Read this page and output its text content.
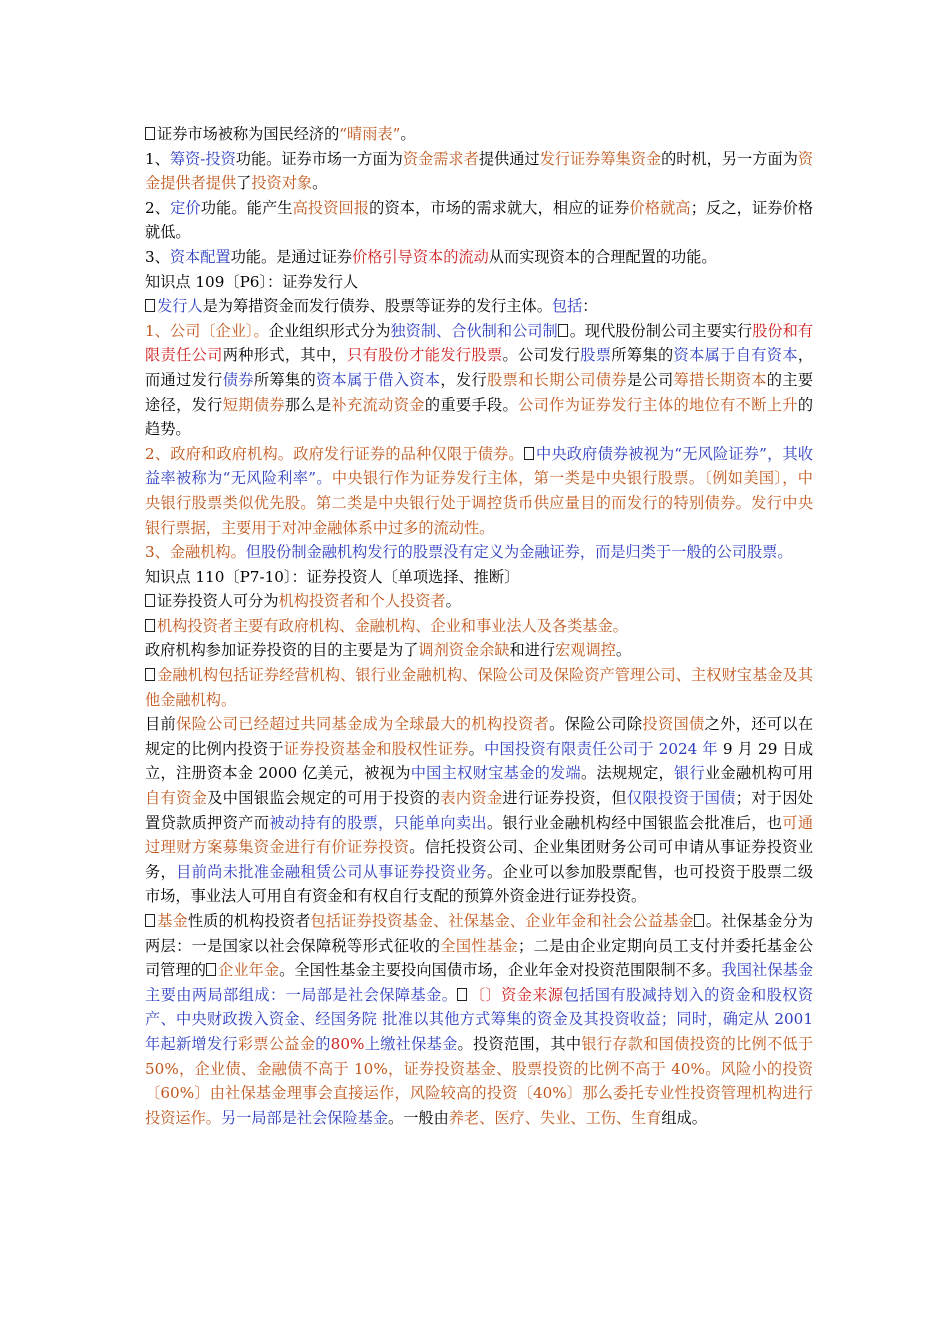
证券市场被称为国民经济的“晴雨表”。

1、筹资-投资功能。证券市场一方面为资金需求者提供通过发行证券筹集资金的时机，另一方面为资金提供者提供了投资对象。

2、定价功能。能产生高投资回报的资本，市场的需求就大，相应的证券价格就高；反之，证券价格就低。

3、资本配置功能。是通过证券价格引导资本的流动从而实现资本的合理配置的功能。

知识点 109〔P6〕：证券发行人

发行人是为筹措资金而发行债券、股票等证券的发行主体。包括：

1、公司〔企业〕。企业组织形式分为独资制、合伙制和公司制 。现代股份制公司主要实行股份和有限责任公司两种形式，其中，只有股份才能发行股票。公司发行股票所筹集的资本属于自有资本，而通过发行债券所筹集的资本属于借入资本，发行股票和长期公司债券是公司筹措长期资本的主要途径，发行短期债券那么是补充流动资金的重要手段。公司作为证券发行主体的地位有不断上升的趋势。

2、政府和政府机构。政府发行证券的品种仅限于债券。 中央政府债券被视为“无风险证券”，其收益率被称为“无风险利率”。中央银行作为证券发行主体，第一类是中央银行股票。〔例如美国〕，中央银行股票类似优先股。第二类是中央银行处于调控货币供应量目的而发行的特别债券。发行中央银行票据，主要用于对冲金融体系中过多的流动性。

3、金融机构。但股份制金融机构发行的股票没有定义为金融证券，而是归类于一般的公司股票。

知识点 110〔P7-10〕：证券投资人〔单项选择、推断〕

证券投资人可分为机构投资者和个人投资者。

机构投资者主要有政府机构、金融机构、企业和事业法人及各类基金。

政府机构参加证券投资的目的主要是为了调剂资金余缺和进行宏观调控。

金融机构包括证券经营机构、银行业金融机构、保险公司及保险资产管理公司、主权财宝基金及其他金融机构。

目前保险公司已经超过共同基金成为全球最大的机构投资者。保险公司除投资国债之外，还可以在规定的比例内投资于证券投资基金和股权性证券。中国投资有限责任公司于 2024 年 9 月 29 日成立，注册资本金 2000 亿美元，被视为中国主权财宝基金的发端。法规规定，银行业金融机构可用自有资金及中国银监会规定的可用于投资的表内资金进行证券投资，但仅限投资于国债；对于因处置贷款质押资产而被动持有的股票，只能单向卖出。银行业金融机构经中国银监会批准后，也可通过理财方案募集资金进行有价证券投资。信托投资公司、企业集团财务公司可申请从事证券投资业务，目前尚未批准金融租赁公司从事证券投资业务。企业可以参加股票配售，也可投资于股票二级市场，事业法人可用自有资金和有权自行支配的预算外资金进行证券投资。

基金性质的机构投资者包括证券投资基金、社保基金、企业年金和社会公益基金 。社保基金分为两层：一是国家以社会保障税等形式征收的全国性基金；二是由企业定期向员工支付并委托基金公司管理的 企业年金。全国性基金主要投向国债市场，企业年金对投资范围限制不多。我国社保基金主要由两局部组成：一局部是社会保障基金。 〔〕资金来源包括国有股减持划入的资金和股权资产、中央财政拨入资金、经国务院 批准以其他方式筹集的资金及其投资收益；同时，确定从 2001 年起新增发行彩票公益金的80%上缴社保基金。投资范围，其中银行存款和国债投资的比例不低于 50%，企业债、金融债不高于 10%，证券投资基金、股票投资的比例不高于 40%。风险小的投资〔60%〕由社保基金理事会直接运作，风险较高的投资〔40%〕那么委托专业性投资管理机构进行投资运作。另一局部是社会保险基金。一般由养老、医疗、失业、工伤、生育组成。
